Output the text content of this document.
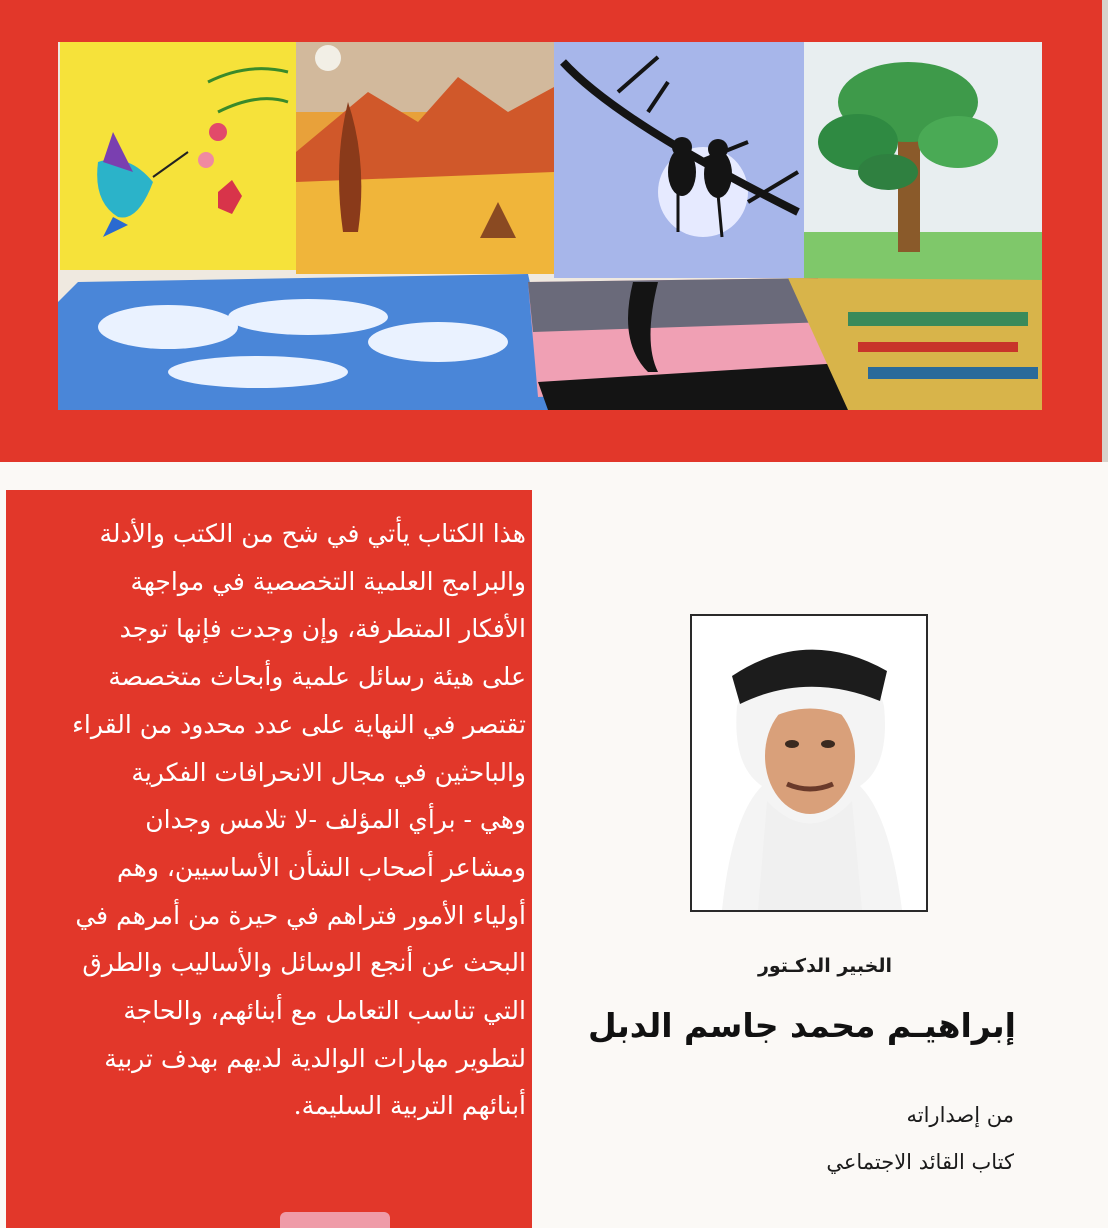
هذا الكتاب يأتي في شح من الكتب والأدلة
والبرامج العلمية التخصصية في مواجهة
الأفكار المتطرفة، وإن وجدت فإنها توجد
على هيئة رسائل علمية وأبحاث متخصصة
تقتصر في النهاية على عدد محدود من القراء
والباحثين في مجال الانحرافات الفكرية
وهي - برأي المؤلف -لا تلامس وجدان
ومشاعر أصحاب الشأن الأساسيين، وهم
أولياء الأمور فتراهم في حيرة من أمرهم في
البحث عن أنجع الوسائل والأساليب والطرق
التي تناسب التعامل مع أبنائهم، والحاجة
لتطوير مهارات الوالدية لديهم بهدف تربية
أبنائهم التربية السليمة.
الخبير الدكـتور
إبراهيـم محمد جاسم الدبل
من إصداراته
كتاب القائد الاجتماعي
